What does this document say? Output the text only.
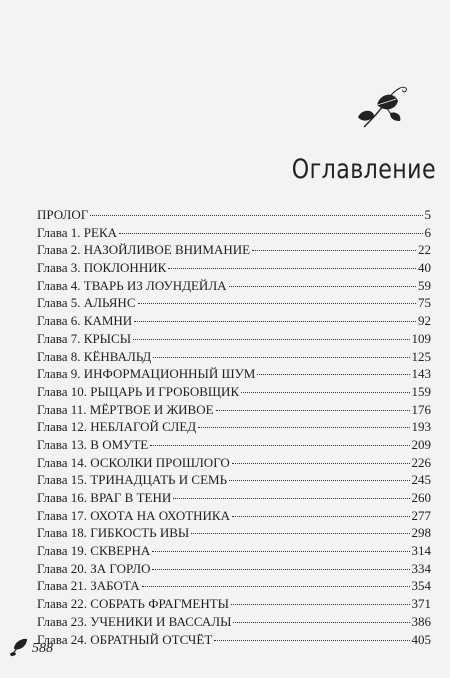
Оглавление
ПРОЛОГ	5
Глава 1. РЕКА	6
Глава 2. НАЗОЙЛИВОЕ ВНИМАНИЕ	22
Глава 3. ПОКЛОННИК	40
Глава 4. ТВАРЬ ИЗ ЛОУНДЕЙЛА	59
Глава 5. АЛЬЯНС	75
Глава 6. КАМНИ	92
Глава 7. КРЫСЫ	109
Глава 8. КЁНВАЛЬД	125
Глава 9. ИНФОРМАЦИОННЫЙ ШУМ	143
Глава 10. РЫЦАРЬ И ГРОБОВЩИК	159
Глава 11. МЁРТВОЕ И ЖИВОЕ	176
Глава 12. НЕБЛАГОЙ СЛЕД	193
Глава 13. В ОМУТЕ	209
Глава 14. ОСКОЛКИ ПРОШЛОГО	226
Глава 15. ТРИНАДЦАТЬ И СЕМЬ	245
Глава 16. ВРАГ В ТЕНИ	260
Глава 17. ОХОТА НА ОХОТНИКА	277
Глава 18. ГИБКОСТЬ ИВЫ	298
Глава 19. СКВЕРНА	314
Глава 20. ЗА ГОРЛО	334
Глава 21. ЗАБОТА	354
Глава 22. СОБРАТЬ ФРАГМЕНТЫ	371
Глава 23. УЧЕНИКИ И ВАССАЛЫ	386
Глава 24. ОБРАТНЫЙ ОТСЧЁТ	405
588
